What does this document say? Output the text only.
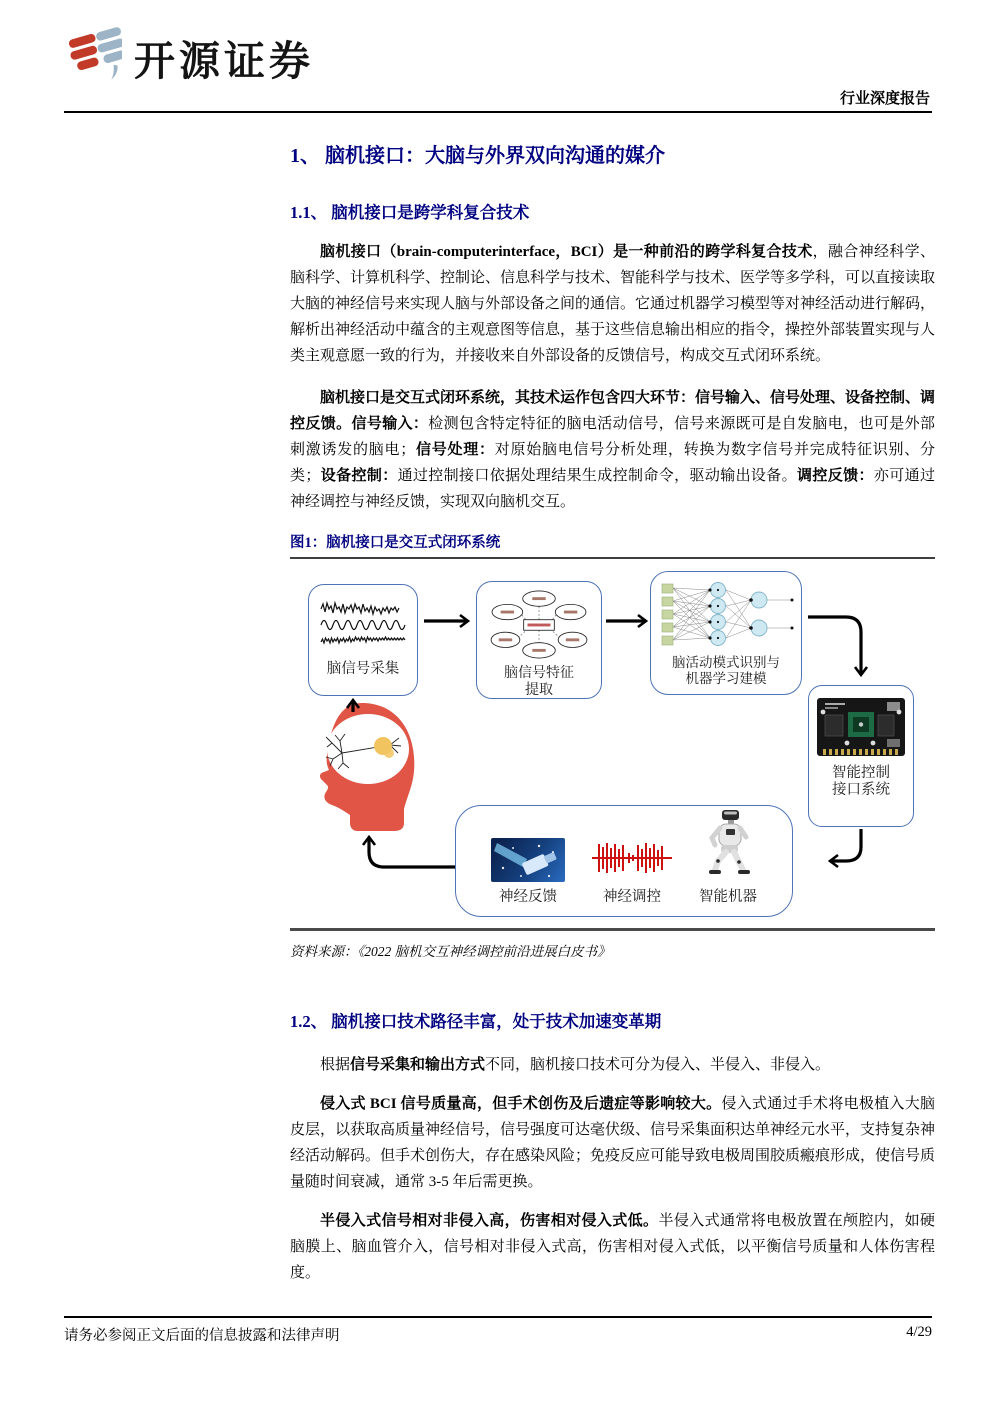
开源证券
行业深度报告
1、 脑机接口：大脑与外界双向沟通的媒介
1.1、 脑机接口是跨学科复合技术

脑机接口（brain-computerinterface，BCI）是一种前沿的跨学科复合技术，融合神经科学、脑科学、计算机科学、控制论、信息科学与技术、智能科学与技术、医学等多学科，可以直接读取大脑的神经信号来实现人脑与外部设备之间的通信。它通过机器学习模型等对神经活动进行解码，解析出神经活动中蕴含的主观意图等信息，基于这些信息输出相应的指令，操控外部装置实现与人类主观意愿一致的行为，并接收来自外部设备的反馈信号，构成交互式闭环系统。

脑机接口是交互式闭环系统，其技术运作包含四大环节：信号输入、信号处理、设备控制、调控反馈。信号输入：检测包含特定特征的脑电活动信号，信号来源既可是自发脑电，也可是外部刺激诱发的脑电；信号处理：对原始脑电信号分析处理，转换为数字信号并完成特征识别、分类；设备控制：通过控制接口依据处理结果生成控制命令，驱动输出设备。调控反馈：亦可通过神经调控与神经反馈，实现双向脑机交互。

图1：脑机接口是交互式闭环系统
脑信号采集	脑信号特征
提取
脑活动模式识别与
机器学习建模
智能控制
接口系统
神经反馈	神经调控	智能机器
资料来源：《2022 脑机交互神经调控前沿进展白皮书》
1.2、 脑机接口技术路径丰富，处于技术加速变革期

根据信号采集和输出方式不同，脑机接口技术可分为侵入、半侵入、非侵入。

侵入式 BCI 信号质量高，但手术创伤及后遗症等影响较大。侵入式通过手术将电极植入大脑皮层，以获取高质量神经信号，信号强度可达毫伏级、信号采集面积达单神经元水平，支持复杂神经活动解码。但手术创伤大，存在感染风险；免疫反应可能导致电极周围胶质瘢痕形成，使信号质量随时间衰减，通常 3-5 年后需更换。

半侵入式信号相对非侵入高，伤害相对侵入式低。半侵入式通常将电极放置在颅腔内，如硬脑膜上、脑血管介入，信号相对非侵入式高，伤害相对侵入式低，以平衡信号质量和人体伤害程度。

请务必参阅正文后面的信息披露和法律声明	4/29
